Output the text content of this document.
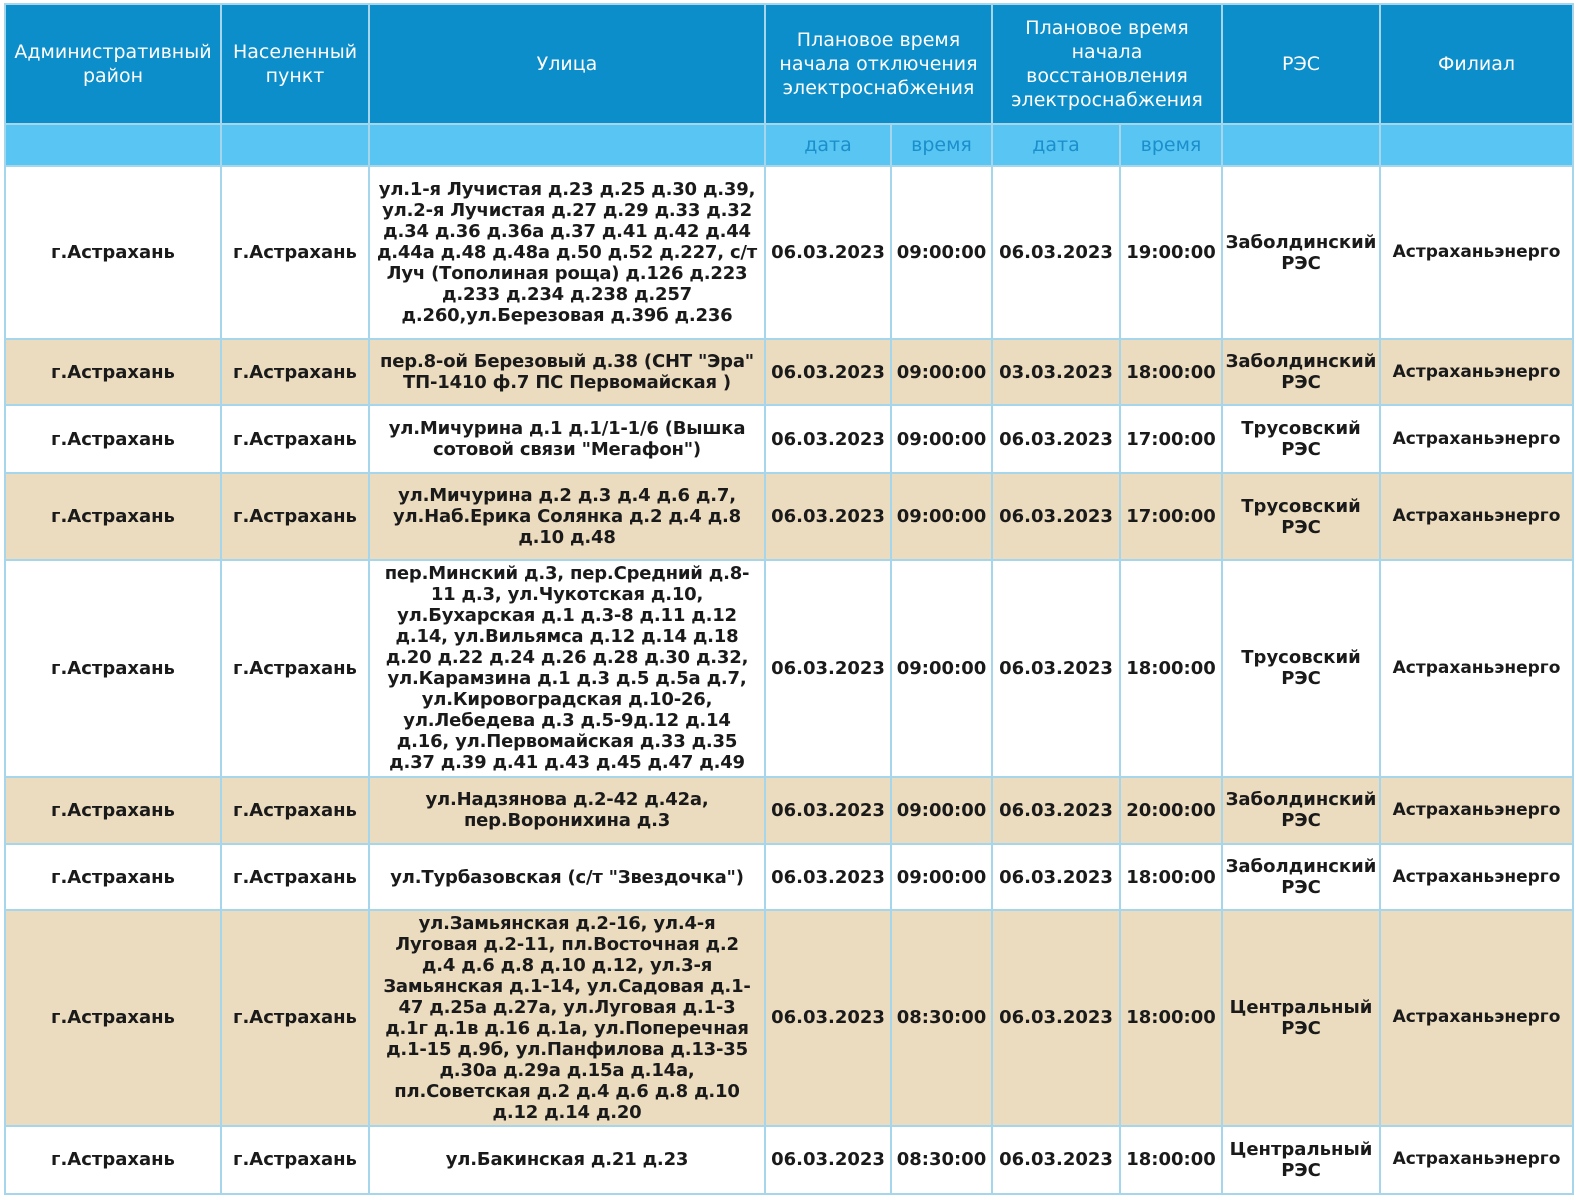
Административный район	Населенный пункт	Улица	Плановое время начала отключения электроснабжения		Плановое время начала восстановления электроснабжения		РЭС	Филиал
			дата	время	дата	время		
г.Астрахань	г.Астрахань	ул.1-я Лучистая д.23 д.25 д.30 д.39, ул.2-я Лучистая д.27 д.29 д.33 д.32 д.34 д.36 д.36а д.37 д.41 д.42 д.44 д.44а д.48 д.48а д.50 д.52 д.227, с/т Луч (Тополиная роща) д.126 д.223 д.233 д.234 д.238 д.257 д.260,ул.Березовая д.39б д.236	06.03.2023	09:00:00	06.03.2023	19:00:00	Заболдинский РЭС	Астраханьэнерго
г.Астрахань	г.Астрахань	пер.8-ой Березовый д.38 (СНТ "Эра" ТП-1410 ф.7 ПС Первомайская )	06.03.2023	09:00:00	03.03.2023	18:00:00	Заболдинский РЭС	Астраханьэнерго
г.Астрахань	г.Астрахань	ул.Мичурина д.1 д.1/1-1/6 (Вышка сотовой связи "Мегафон")	06.03.2023	09:00:00	06.03.2023	17:00:00	Трусовский РЭС	Астраханьэнерго
г.Астрахань	г.Астрахань	ул.Мичурина д.2 д.3 д.4 д.6 д.7, ул.Наб.Ерика Солянка д.2 д.4 д.8 д.10 д.48	06.03.2023	09:00:00	06.03.2023	17:00:00	Трусовский РЭС	Астраханьэнерго
г.Астрахань	г.Астрахань	пер.Минский д.3, пер.Средний д.8-11 д.3, ул.Чукотская д.10, ул.Бухарская д.1 д.3-8 д.11 д.12 д.14, ул.Вильямса д.12 д.14 д.18 д.20 д.22 д.24 д.26 д.28 д.30 д.32, ул.Карамзина д.1 д.3 д.5 д.5а д.7, ул.Кировоградская д.10-26, ул.Лебедева д.3 д.5-9д.12 д.14 д.16, ул.Первомайская д.33 д.35 д.37 д.39 д.41 д.43 д.45 д.47 д.49	06.03.2023	09:00:00	06.03.2023	18:00:00	Трусовский РЭС	Астраханьэнерго
г.Астрахань	г.Астрахань	ул.Надзянова д.2-42 д.42а, пер.Воронихина д.3	06.03.2023	09:00:00	06.03.2023	20:00:00	Заболдинский РЭС	Астраханьэнерго
г.Астрахань	г.Астрахань	ул.Турбазовская (с/т "Звездочка")	06.03.2023	09:00:00	06.03.2023	18:00:00	Заболдинский РЭС	Астраханьэнерго
г.Астрахань	г.Астрахань	ул.Замьянская д.2-16, ул.4-я Луговая д.2-11, пл.Восточная д.2 д.4 д.6 д.8 д.10 д.12, ул.3-я Замьянская д.1-14, ул.Садовая д.1-47 д.25а д.27а, ул.Луговая д.1-3 д.1г д.1в д.16 д.1а, ул.Поперечная д.1-15 д.9б, ул.Панфилова д.13-35 д.30а д.29а д.15а д.14а, пл.Советская д.2 д.4 д.6 д.8 д.10 д.12 д.14 д.20	06.03.2023	08:30:00	06.03.2023	18:00:00	Центральный РЭС	Астраханьэнерго
г.Астрахань	г.Астрахань	ул.Бакинская д.21 д.23	06.03.2023	08:30:00	06.03.2023	18:00:00	Центральный РЭС	Астраханьэнерго
